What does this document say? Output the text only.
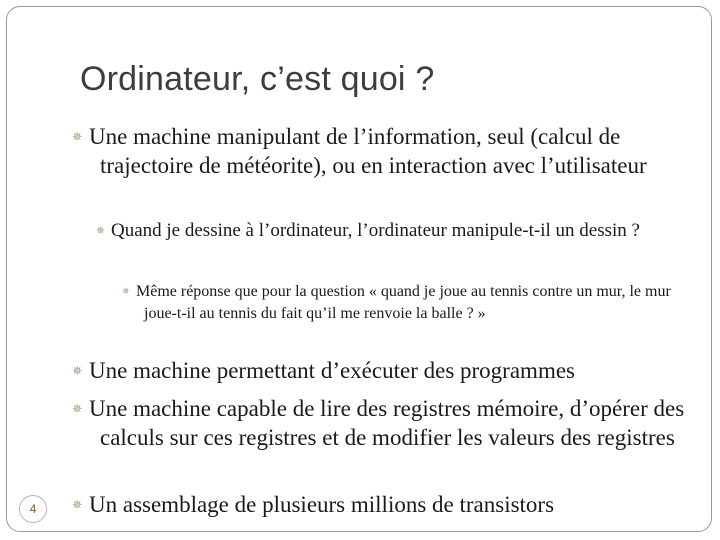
Ordinateur, c’est quoi ?
✵ Une machine manipulant de l’information, seul (calcul de trajectoire de météorite), ou en interaction avec l’utilisateur
✵ Quand je dessine à l’ordinateur, l’ordinateur manipule-t-il un dessin ?
✵ Même réponse que pour la question « quand je joue au tennis contre un mur, le mur joue-t-il au tennis du fait qu’il me renvoie la balle ? »
✵ Une machine permettant d’exécuter des programmes
✵ Une machine capable de lire des registres mémoire, d’opérer des calculs sur ces registres et de modifier les valeurs des registres
✵ Un assemblage de plusieurs millions de transistors
4
